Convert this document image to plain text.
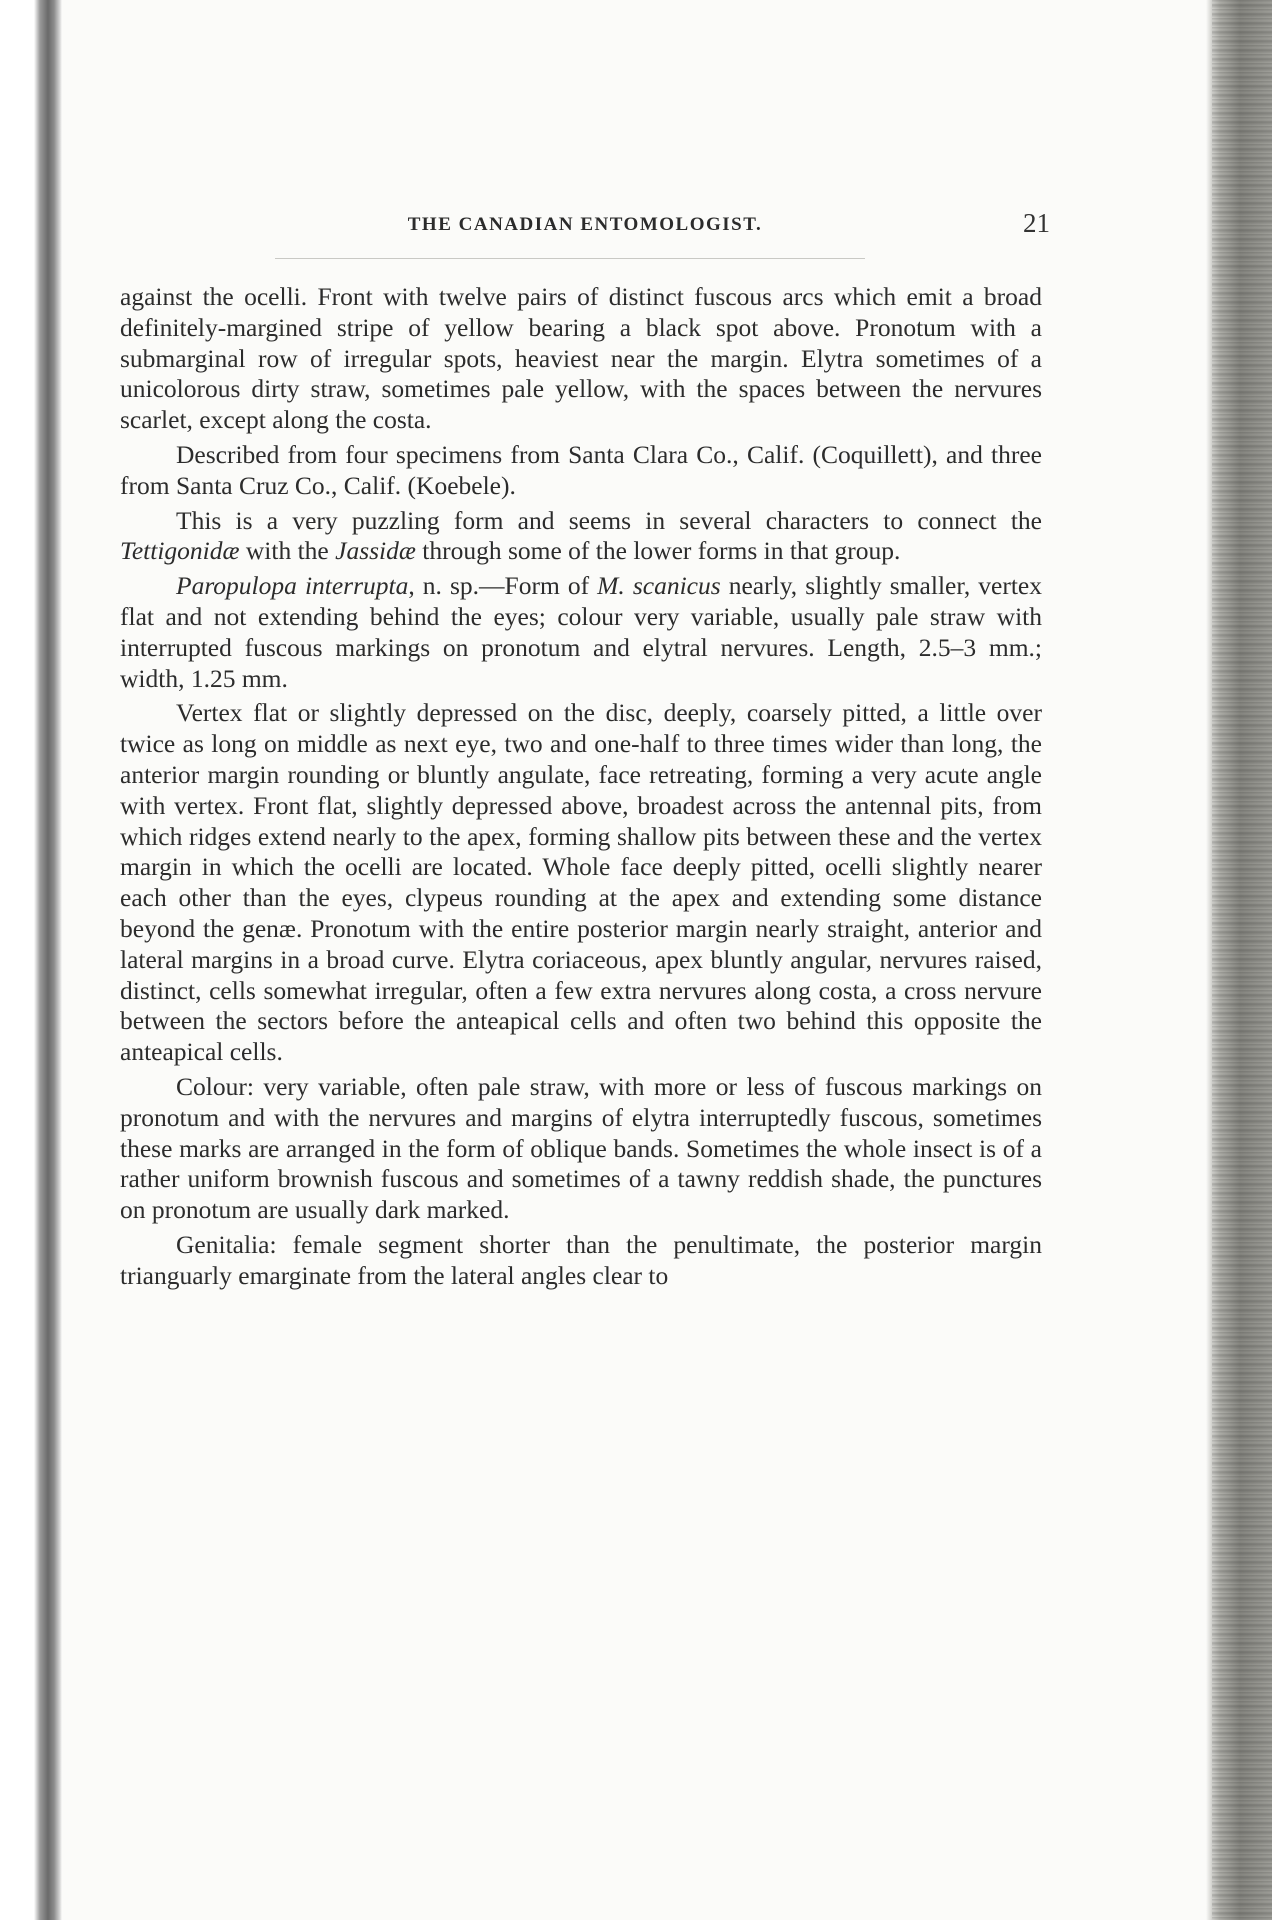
THE CANADIAN ENTOMOLOGIST.	21

against the ocelli. Front with twelve pairs of distinct fuscous arcs which emit a broad definitely-margined stripe of yellow bearing a black spot above. Pronotum with a submarginal row of irregular spots, heaviest near the margin. Elytra sometimes of a unicolorous dirty straw, sometimes pale yellow, with the spaces between the nervures scarlet, except along the costa.

Described from four specimens from Santa Clara Co., Calif. (Coquillett), and three from Santa Cruz Co., Calif. (Koebele).

This is a very puzzling form and seems in several characters to connect the Tettigonidæ with the Jassidæ through some of the lower forms in that group.

Paropulopa interrupta, n. sp.—Form of M. scanicus nearly, slightly smaller, vertex flat and not extending behind the eyes; colour very variable, usually pale straw with interrupted fuscous markings on pronotum and elytral nervures. Length, 2.5–3 mm.; width, 1.25 mm.

Vertex flat or slightly depressed on the disc, deeply, coarsely pitted, a little over twice as long on middle as next eye, two and one-half to three times wider than long, the anterior margin rounding or bluntly angulate, face retreating, forming a very acute angle with vertex. Front flat, slightly depressed above, broadest across the antennal pits, from which ridges extend nearly to the apex, forming shallow pits between these and the vertex margin in which the ocelli are located. Whole face deeply pitted, ocelli slightly nearer each other than the eyes, clypeus rounding at the apex and extending some distance beyond the genæ. Pronotum with the entire posterior margin nearly straight, anterior and lateral margins in a broad curve. Elytra coriaceous, apex bluntly angular, nervures raised, distinct, cells somewhat irregular, often a few extra nervures along costa, a cross nervure between the sectors before the anteapical cells and often two behind this opposite the anteapical cells.

Colour: very variable, often pale straw, with more or less of fuscous markings on pronotum and with the nervures and margins of elytra interruptedly fuscous, sometimes these marks are arranged in the form of oblique bands. Sometimes the whole insect is of a rather uniform brownish fuscous and sometimes of a tawny reddish shade, the punctures on pronotum are usually dark marked.

Genitalia: female segment shorter than the penultimate, the posterior margin trianguarly emarginate from the lateral angles clear to
